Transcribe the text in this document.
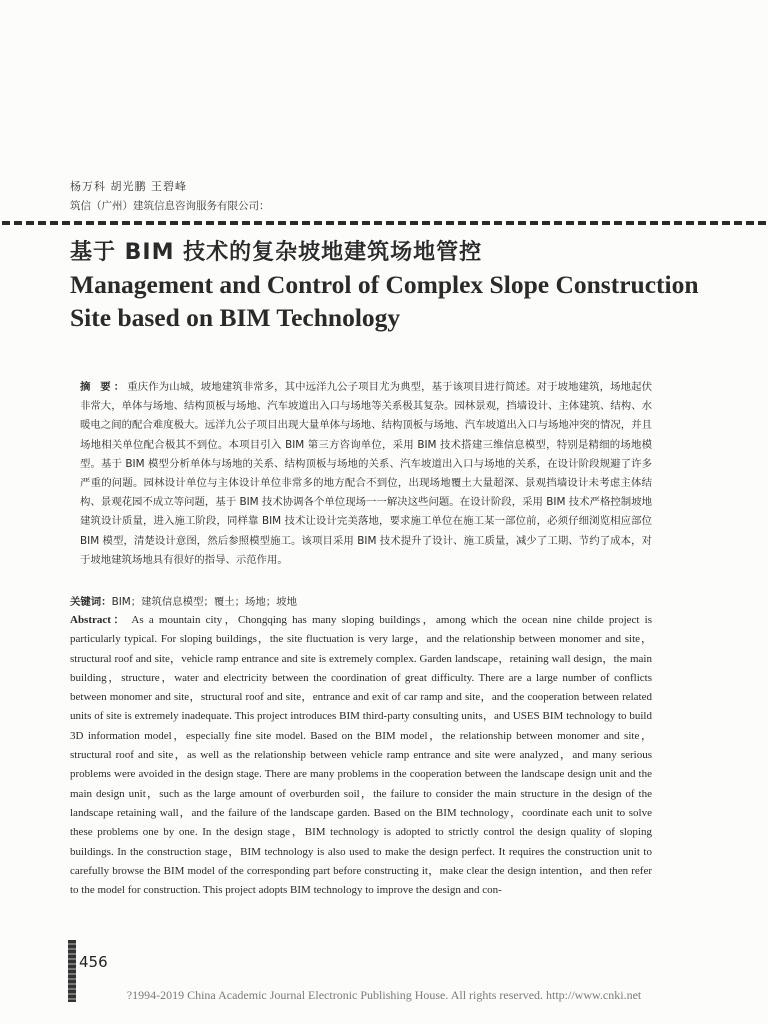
杨万科 胡光鹏 王碧峰
筑信（广州）建筑信息咨询服务有限公司：
基于 BIM 技术的复杂坡地建筑场地管控
Management and Control of Complex Slope Construction Site based on BIM Technology
摘 要：重庆作为山城，坡地建筑非常多，其中远洋九公子项目尤为典型，基于该项目进行简述。对于坡地建筑，场地起伏非常大，单体与场地、结构顶板与场地、汽车坡道出入口与场地等关系极其复杂。园林景观，挡墙设计、主体建筑、结构、水暖电之间的配合难度极大。远洋九公子项目出现大量单体与场地、结构顶板与场地、汽车坡道出入口与场地冲突的情况，并且场地相关单位配合极其不到位。本项目引入 BIM 第三方咨询单位，采用 BIM 技术搭建三维信息模型，特别是精细的场地模型。基于 BIM 模型分析单体与场地的关系、结构顶板与场地的关系、汽车坡道出入口与场地的关系，在设计阶段规避了许多严重的问题。园林设计单位与主体设计单位非常多的地方配合不到位，出现场地覆土大量超深、景观挡墙设计未考虑主体结构、景观花园不成立等问题，基于 BIM 技术协调各个单位现场一一解决这些问题。在设计阶段，采用 BIM 技术严格控制坡地建筑设计质量，进入施工阶段，同样靠 BIM 技术让设计完美落地，要求施工单位在施工某一部位前，必须仔细浏览相应部位 BIM 模型，清楚设计意图，然后参照模型施工。该项目采用 BIM 技术提升了设计、施工质量，减少了工期、节约了成本，对于坡地建筑场地具有很好的指导、示范作用。
关键词：BIM；建筑信息模型；覆土；场地；坡地
Abstract： As a mountain city，Chongqing has many sloping buildings，among which the ocean nine childe project is particularly typical. For sloping buildings，the site fluctuation is very large，and the relationship between monomer and site，structural roof and site，vehicle ramp entrance and site is extremely complex. Garden landscape，retaining wall design，the main building，structure，water and electricity between the coordination of great difficulty. There are a large number of conflicts between monomer and site，structural roof and site，entrance and exit of car ramp and site，and the cooperation between related units of site is extremely inadequate. This project introduces BIM third-party consulting units，and USES BIM technology to build 3D information model，especially fine site model. Based on the BIM model，the relationship between monomer and site，structural roof and site，as well as the relationship between vehicle ramp entrance and site were analyzed，and many serious problems were avoided in the design stage. There are many problems in the cooperation between the landscape design unit and the main design unit，such as the large amount of overburden soil，the failure to consider the main structure in the design of the landscape retaining wall，and the failure of the landscape garden. Based on the BIM technology，coordinate each unit to solve these problems one by one. In the design stage，BIM technology is adopted to strictly control the design quality of sloping buildings. In the construction stage，BIM technology is also used to make the design perfect. It requires the construction unit to carefully browse the BIM model of the corresponding part before constructing it，make clear the design intention，and then refer to the model for construction. This project adopts BIM technology to improve the design and con-
456
?1994-2019 China Academic Journal Electronic Publishing House. All rights reserved. http://www.cnki.net
